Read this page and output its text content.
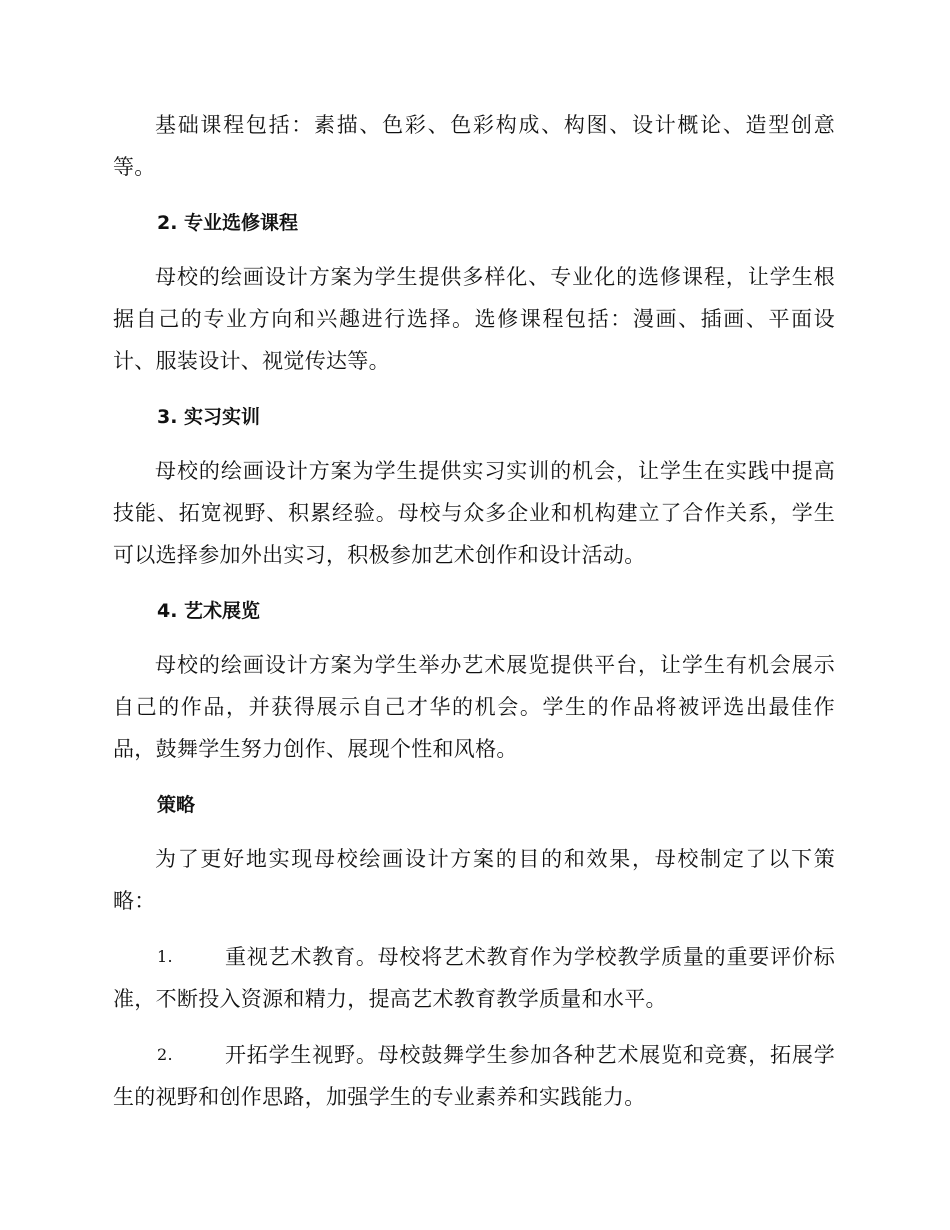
基础课程包括：素描、色彩、色彩构成、构图、设计概论、造型创意等。

2. 专业选修课程

母校的绘画设计方案为学生提供多样化、专业化的选修课程，让学生根据自己的专业方向和兴趣进行选择。选修课程包括：漫画、插画、平面设计、服装设计、视觉传达等。

3. 实习实训

母校的绘画设计方案为学生提供实习实训的机会，让学生在实践中提高技能、拓宽视野、积累经验。母校与众多企业和机构建立了合作关系，学生可以选择参加外出实习，积极参加艺术创作和设计活动。

4. 艺术展览

母校的绘画设计方案为学生举办艺术展览提供平台，让学生有机会展示自己的作品，并获得展示自己才华的机会。学生的作品将被评选出最佳作品，鼓舞学生努力创作、展现个性和风格。

策略

为了更好地实现母校绘画设计方案的目的和效果，母校制定了以下策略：

1. 重视艺术教育。母校将艺术教育作为学校教学质量的重要评价标准，不断投入资源和精力，提高艺术教育教学质量和水平。
2. 开拓学生视野。母校鼓舞学生参加各种艺术展览和竞赛，拓展学生的视野和创作思路，加强学生的专业素养和实践能力。
